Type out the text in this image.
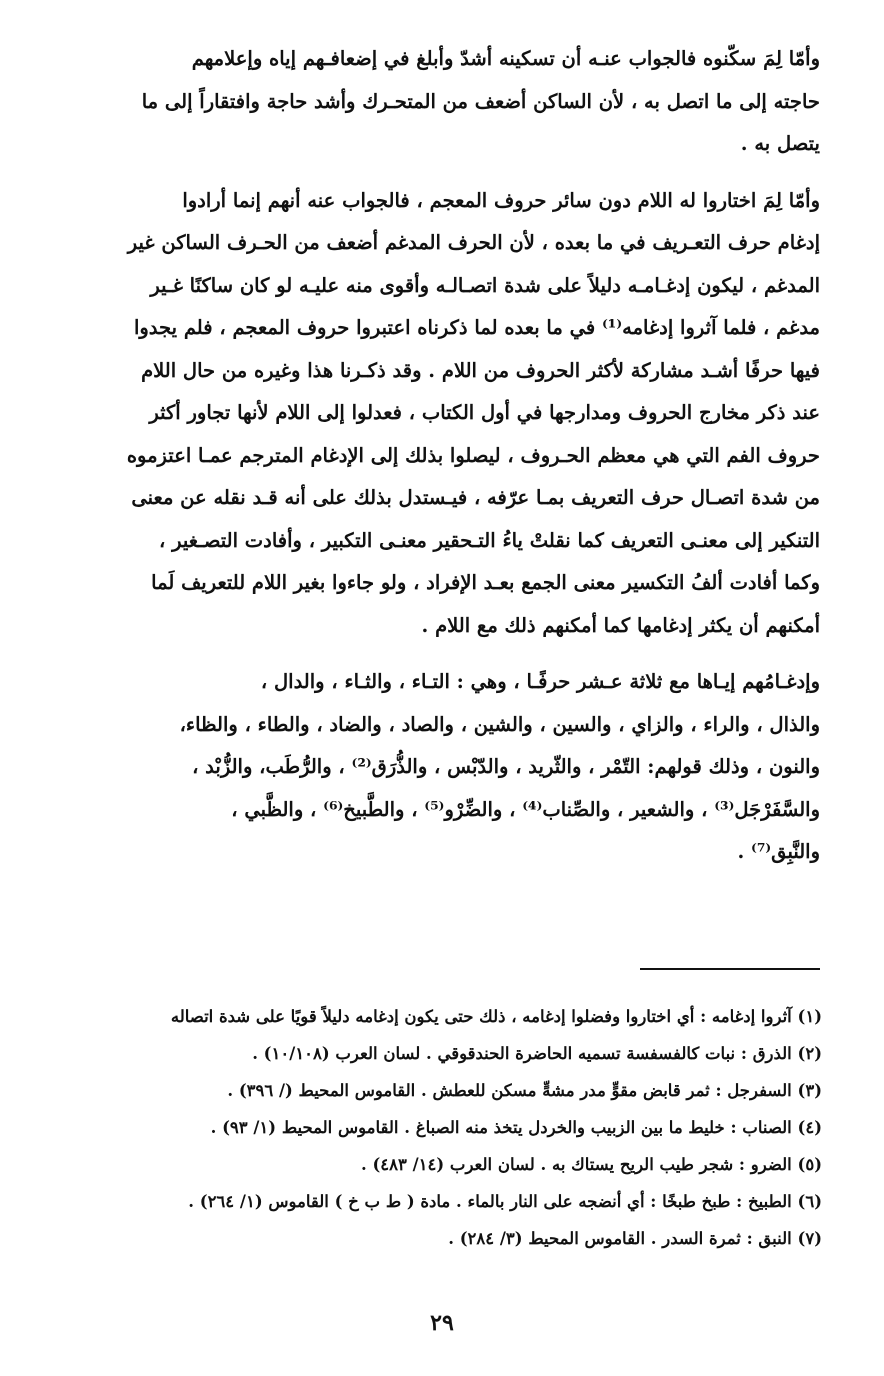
وأمّا لِمَ سكّنوه فالجواب عنـه أن تسكينه أشدّ وأبلغ في إضعافـهم إياه وإعلامهم
حاجته إلى ما اتصل به ، لأن الساكن أضعف من المتحـرك وأشد حاجة وافتقاراً إلى ما
يتصل به .
وأمّا لِمَ اختاروا له اللام دون سائر حروف المعجم ، فالجواب عنه أنهم إنما أرادوا
إدغام حرف التعـريف في ما بعده ، لأن الحرف المدغم أضعف من الحـرف الساكن غير
المدغم ، ليكون إدغـامـه دليلاً على شدة اتصـالـه وأقوى منه عليـه لو كان ساكنًا غـير
مدغم ، فلما آثروا إدغامه⁽¹⁾ في ما بعده لما ذكرناه اعتبروا حروف المعجم ، فلم يجدوا
فيها حرفًا أشـد مشاركة لأكثر الحروف من اللام . وقد ذكـرنا هذا وغيره من حال اللام
عند ذكر مخارج الحروف ومدارجها في أول الكتاب ، فعدلوا إلى اللام لأنها تجاور أكثر
حروف الفم التي هي معظم الحـروف ، ليصلوا بذلك إلى الإدغام المترجم عمـا اعتزموه
من شدة اتصـال حرف التعريف بمـا عرّفه ، فيـستدل بذلك على أنه قـد نقله عن معنى
التنكير إلى معنـى التعريف كما نقلتْ ياءُ التـحقير معنـى التكبير ، وأفادت التصـغير ،
وكما أفادت ألفُ التكسير معنى الجمع بعـد الإفراد ، ولو جاءوا بغير اللام للتعريف لَما
أمكنهم أن يكثر إدغامها كما أمكنهم ذلك مع اللام .
وإدغـامُهم إيـاها مع ثلاثة عـشر حرفًـا ، وهي : التـاء ، والثـاء ، والدال ،
والذال ، والراء ، والزاي ، والسين ، والشين ، والصاد ، والضاد ، والطاء ، والظاء،
والنون ، وذلك قولهم: التّمْر ، والثّريد ، والدّبْس ، والذُّرَق⁽²⁾ ، والرُّطَب، والزُّبْد ،
والسَّفَرْجَل⁽³⁾ ، والشعير ، والصِّناب⁽⁴⁾ ، والضِّرْو⁽⁵⁾ ، والطَّبيخ⁽⁶⁾ ، والظَّبي ،
والنَّبِق⁽⁷⁾ .
(١) آثروا إدغامه : أي اختاروا وفضلوا إدغامه ، ذلك حتى يكون إدغامه دليلاً قويًا على شدة اتصاله
(٢) الذرق : نبات كالفسفسة تسميه الحاضرة الحندقوقي . لسان العرب (١٠/١٠٨) .
(٣) السفرجل : ثمر قابض مقوٍّ مدر مشهٍّ مسكن للعطش . القاموس المحيط (/ ٣٩٦) .
(٤) الصناب : خليط ما بين الزبيب والخردل يتخذ منه الصباغ . القاموس المحيط (١/ ٩٣) .
(٥) الضرو : شجر طيب الريح يستاك به . لسان العرب (١٤/ ٤٨٣) .
(٦) الطبيخ : طبخ طبخًا : أي أنضجه على النار بالماء . مادة ( ط ب خ ) القاموس (١/ ٢٦٤) .
(٧) النبق : ثمرة السدر . القاموس المحيط (٣/ ٢٨٤) .
٢٩
